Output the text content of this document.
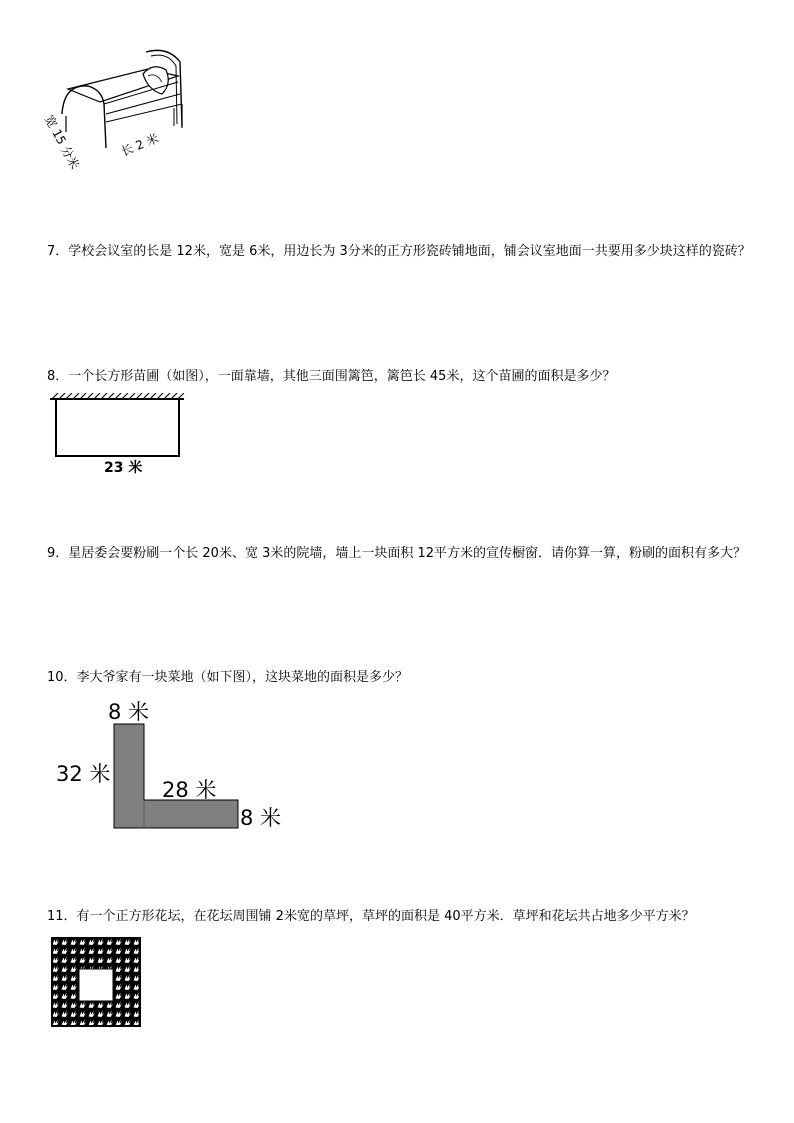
宽 15 分米	长 2 米
7．学校会议室的长是 12米，宽是 6米，用边长为 3分米的正方形瓷砖铺地面，铺会议室地面一共要用多少块这样的瓷砖？
8．一个长方形苗圃（如图），一面靠墙，其他三面围篱笆，篱笆长 45米，这个苗圃的面积是多少？
23 米
9．星居委会要粉刷一个长 20米、宽 3米的院墙，墙上一块面积 12平方米的宣传橱窗．请你算一算，粉刷的面积有多大？
10．李大爷家有一块菜地（如下图），这块菜地的面积是多少？
8 米
32 米
28 米
8 米
11．有一个正方形花坛，在花坛周围铺 2米宽的草坪，草坪的面积是 40平方米．草坪和花坛共占地多少平方米？
